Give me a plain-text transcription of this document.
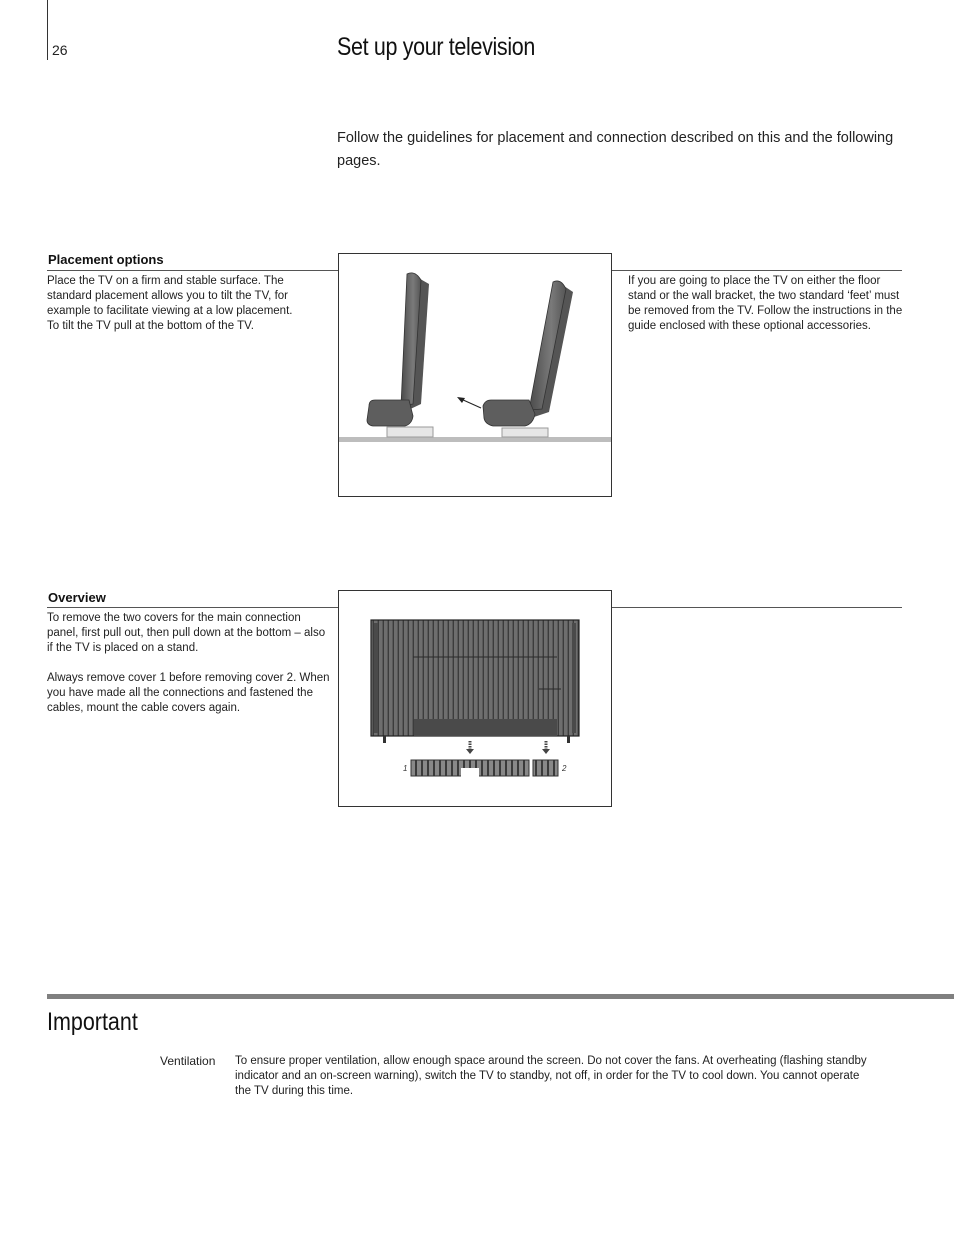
26	Set up your television
Follow the guidelines for placement and connection described on this and the following pages.
Placement options
Place the TV on a firm and stable surface. The standard placement allows you to tilt the TV, for example to facilitate viewing at a low placement. To tilt the TV pull at the bottom of the TV.
If you are going to place the TV on either the floor stand or the wall bracket, the two standard ‘feet’ must be removed from the TV. Follow the instructions in the guide enclosed with these optional accessories.
Overview
To remove the two covers for the main connection panel, first pull out, then pull down at the bottom – also if the TV is placed on a stand.
Always remove cover 1 before removing cover 2. When you have made all the connections and fastened the cables, mount the cable covers again.
1	2
Important
Ventilation To ensure proper ventilation, allow enough space around the screen. Do not cover the fans. At overheating (flashing standby indicator and an on-screen warning), switch the TV to standby, not off, in order for the TV to cool down. You cannot operate the TV during this time.
